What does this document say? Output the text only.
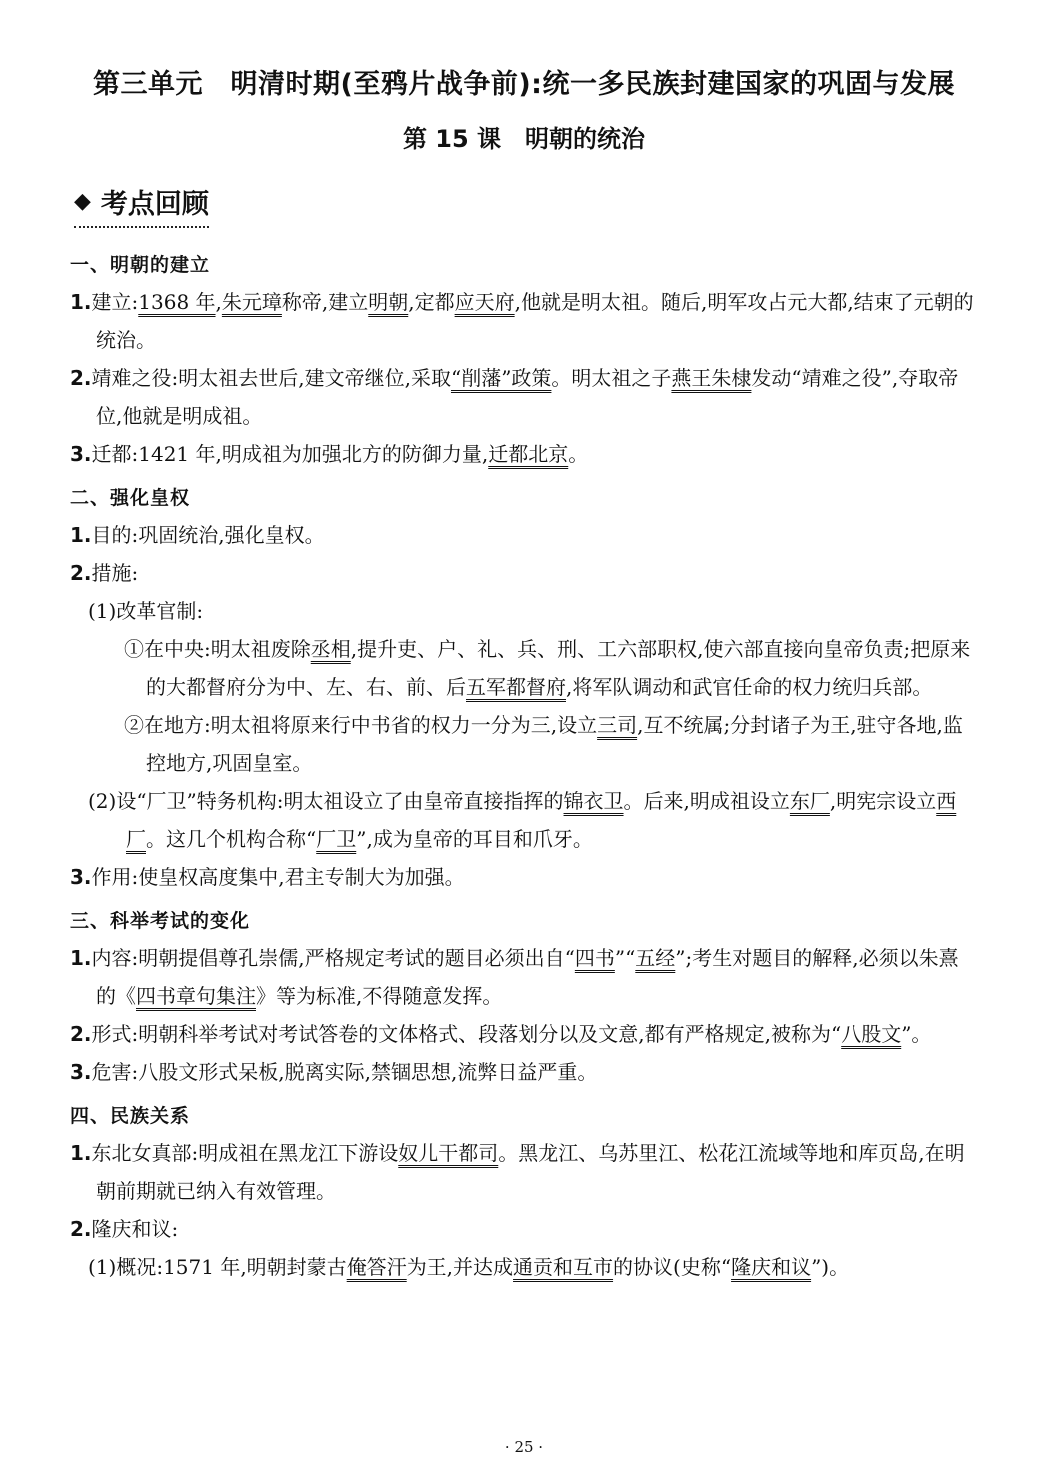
第三单元　明清时期(至鸦片战争前):统一多民族封建国家的巩固与发展
第 15 课　明朝的统治
◆ 考点回顾
一、明朝的建立

1.建立:1368 年,朱元璋称帝,建立明朝,定都应天府,他就是明太祖。随后,明军攻占元大都,结束了元朝的统治。

2.靖难之役:明太祖去世后,建文帝继位,采取“削藩”政策。明太祖之子燕王朱棣发动“靖难之役”,夺取帝位,他就是明成祖。

3.迁都:1421 年,明成祖为加强北方的防御力量,迁都北京。

二、强化皇权

1.目的:巩固统治,强化皇权。

2.措施:

(1)改革官制:

①在中央:明太祖废除丞相,提升吏、户、礼、兵、刑、工六部职权,使六部直接向皇帝负责;把原来的大都督府分为中、左、右、前、后五军都督府,将军队调动和武官任命的权力统归兵部。

②在地方:明太祖将原来行中书省的权力一分为三,设立三司,互不统属;分封诸子为王,驻守各地,监控地方,巩固皇室。

(2)设“厂卫”特务机构:明太祖设立了由皇帝直接指挥的锦衣卫。后来,明成祖设立东厂,明宪宗设立西厂。这几个机构合称“厂卫”,成为皇帝的耳目和爪牙。

3.作用:使皇权高度集中,君主专制大为加强。

三、科举考试的变化

1.内容:明朝提倡尊孔崇儒,严格规定考试的题目必须出自“四书”“五经”;考生对题目的解释,必须以朱熹的《四书章句集注》等为标准,不得随意发挥。

2.形式:明朝科举考试对考试答卷的文体格式、段落划分以及文意,都有严格规定,被称为“八股文”。

3.危害:八股文形式呆板,脱离实际,禁锢思想,流弊日益严重。

四、民族关系

1.东北女真部:明成祖在黑龙江下游设奴儿干都司。黑龙江、乌苏里江、松花江流域等地和库页岛,在明朝前期就已纳入有效管理。

2.隆庆和议:

(1)概况:1571 年,明朝封蒙古俺答汗为王,并达成通贡和互市的协议(史称“隆庆和议”)。

· 25 ·
